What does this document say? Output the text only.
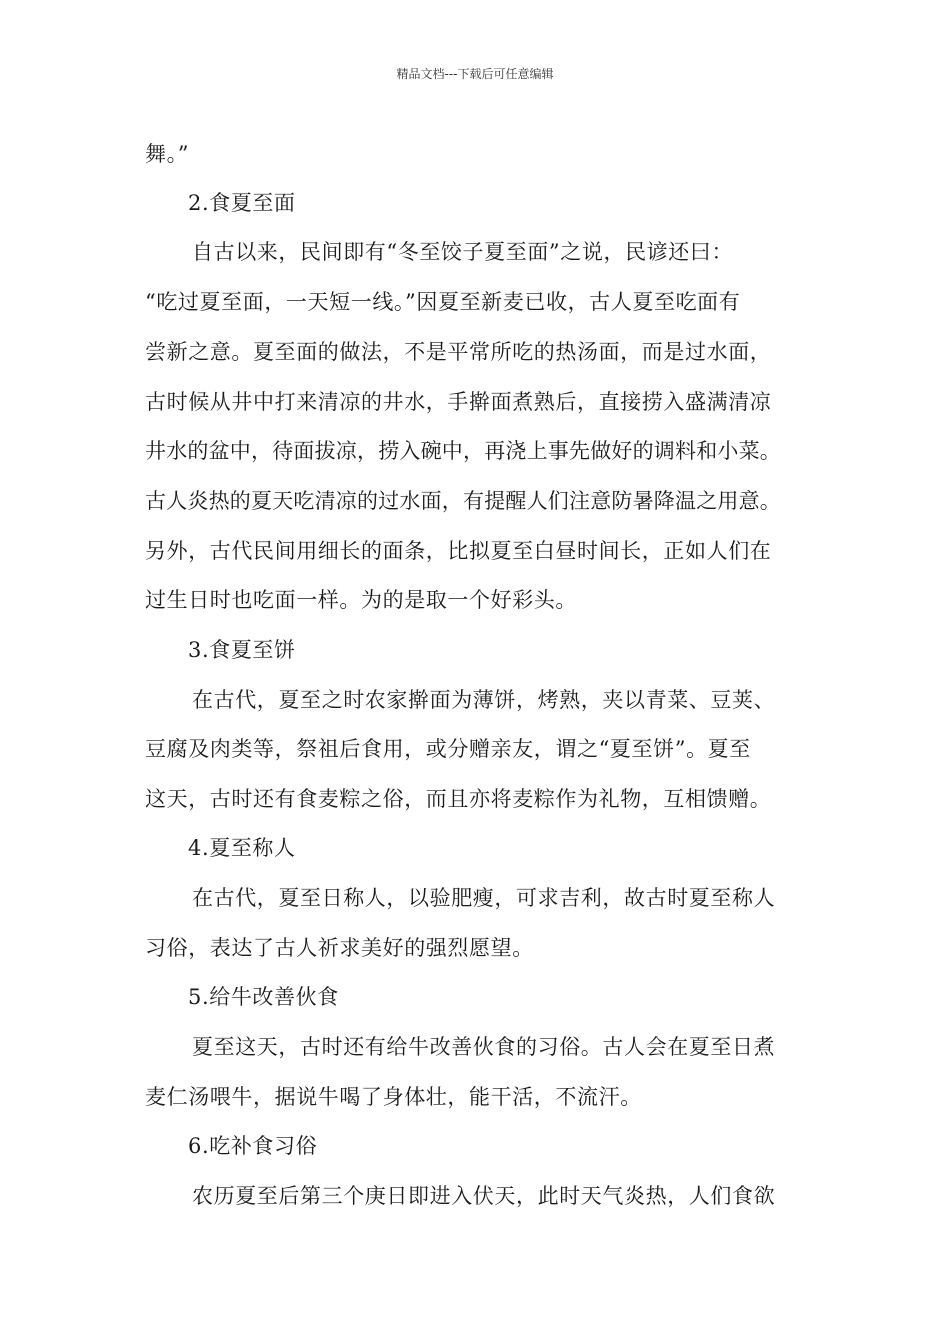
精品文档---下载后可任意编辑
舞。”
2.食夏至面
自古以来，民间即有“冬至饺子夏至面”之说，民谚还曰：
“吃过夏至面，一天短一线。”因夏至新麦已收，古人夏至吃面有
尝新之意。夏至面的做法，不是平常所吃的热汤面，而是过水面，
古时候从井中打来清凉的井水，手擀面煮熟后，直接捞入盛满清凉
井水的盆中，待面拔凉，捞入碗中，再浇上事先做好的调料和小菜。
古人炎热的夏天吃清凉的过水面，有提醒人们注意防暑降温之用意。
另外，古代民间用细长的面条，比拟夏至白昼时间长，正如人们在
过生日时也吃面一样。为的是取一个好彩头。
3.食夏至饼
在古代，夏至之时农家擀面为薄饼，烤熟，夹以青菜、豆荚、
豆腐及肉类等，祭祖后食用，或分赠亲友，谓之“夏至饼”。夏至
这天，古时还有食麦粽之俗，而且亦将麦粽作为礼物，互相馈赠。
4.夏至称人
在古代，夏至日称人，以验肥瘦，可求吉利，故古时夏至称人
习俗，表达了古人祈求美好的强烈愿望。
5.给牛改善伙食
夏至这天，古时还有给牛改善伙食的习俗。古人会在夏至日煮
麦仁汤喂牛，据说牛喝了身体壮，能干活，不流汗。
6.吃补食习俗
农历夏至后第三个庚日即进入伏天，此时天气炎热，人们食欲
